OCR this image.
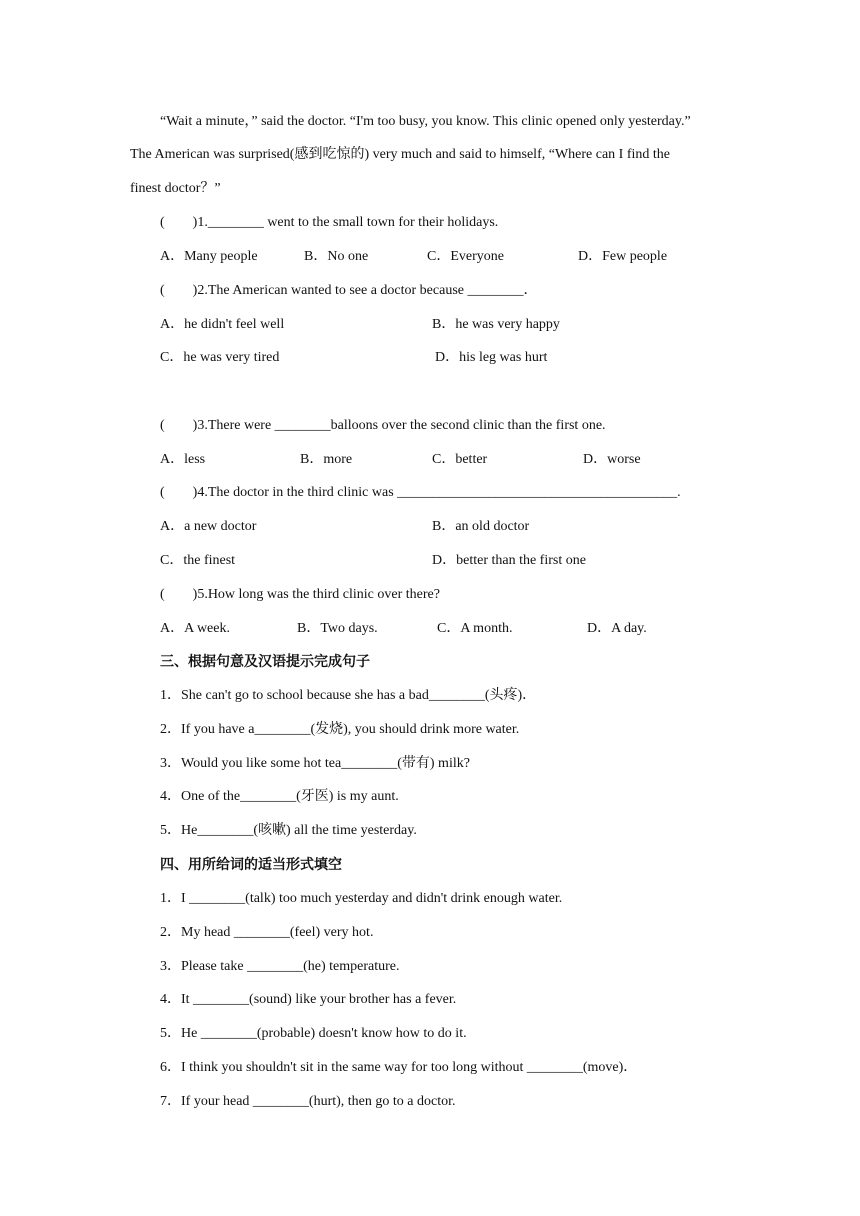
“Wait a minute，” said the doctor. “I'm too busy, you know. This clinic opened only yesterday.”
The American was surprised(感到吃惊的) very much and said to himself, “Where can I find the
finest doctor？”
(        )1.________ went to the small town for their holidays.
A．Many people	B．No one	C．Everyone	D．Few people
(        )2.The American wanted to see a doctor because ________．
A．he didn't feel well	B．he was very happy
C．he was very tired	D．his leg was hurt
(        )3.There were ________balloons over the second clinic than the first one.
A．less	B．more	C．better	D．worse
(        )4.The doctor in the third clinic was ________________________________________.
A．a new doctor	B．an old doctor
C．the finest	D．better than the first one
(        )5.How long was the third clinic over there?
A．A week.	B．Two days.	C．A month.	D．A day.
三、根据句意及汉语提示完成句子
1．She can't go to school because she has a bad________(头疼)．
2．If you have a________(发烧), you should drink more water.
3．Would you like some hot tea________(带有) milk?
4．One of the________(牙医) is my aunt.
5．He________(咳嗽) all the time yesterday.
四、用所给词的适当形式填空
1．I ________(talk) too much yesterday and didn't drink enough water.
2．My head ________(feel) very hot.
3．Please take ________(he) temperature.
4．It ________(sound) like your brother has a fever.
5．He ________(probable) doesn't know how to do it.
6．I think you shouldn't sit in the same way for too long without ________(move)．
7．If your head ________(hurt), then go to a doctor.
